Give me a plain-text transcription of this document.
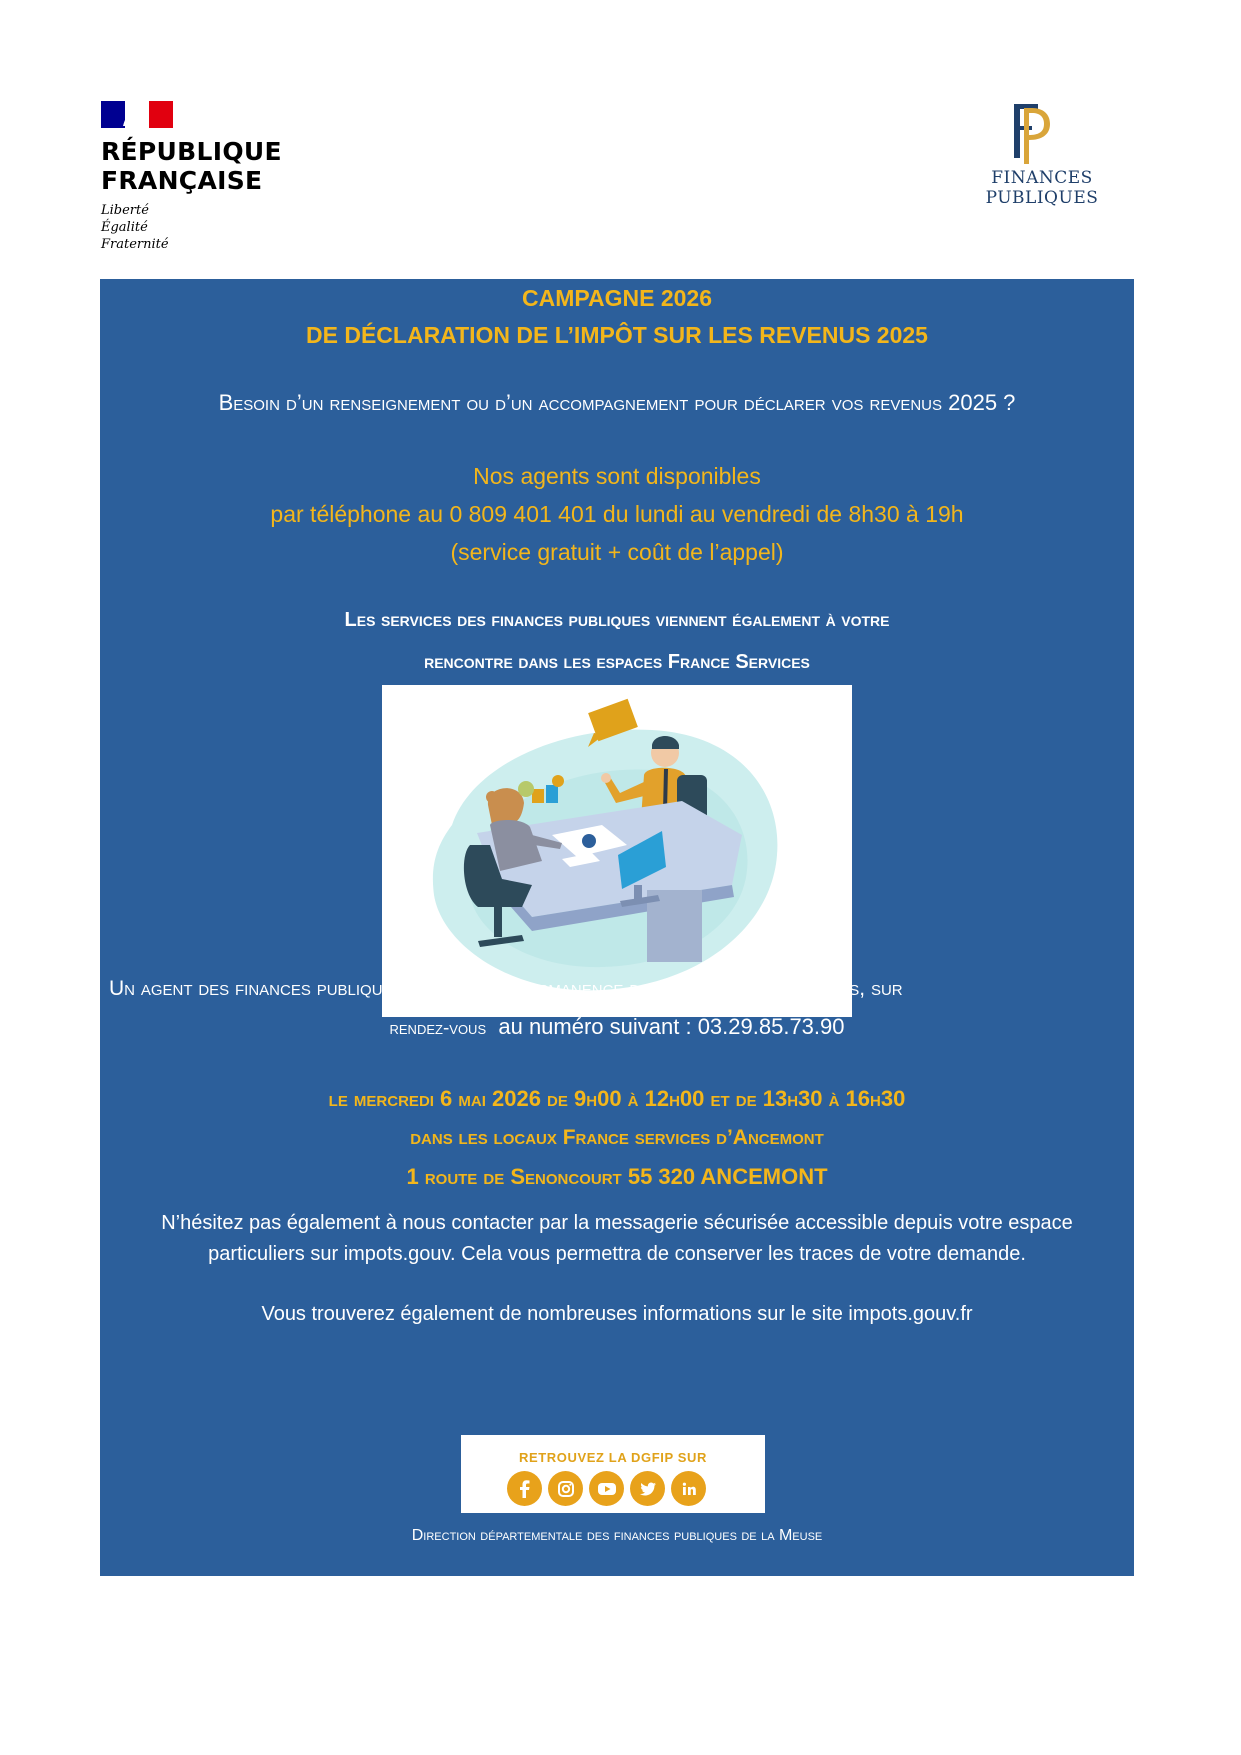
RÉPUBLIQUE
FRANÇAISE
Liberté
Égalité
Fraternité
FINANCES PUBLIQUES

CAMPAGNE 2026

DE DÉCLARATION DE L’IMPÔT SUR LES REVENUS 2025

Besoin d’un renseignement ou d’un accompagnement pour déclarer vos revenus 2025 ?

Nos agents sont disponibles

par téléphone au 0 809 401 401 du lundi au vendredi de 8h30 à 19h

(service gratuit + coût de l’appel)

Les services des finances publiques viennent également à votre

rencontre dans les espaces France Services

Un agent des finances publiques tiendra une permanence de réception des usagers, sur

rendez-vous au numéro suivant : 03.29.85.73.90

le mercredi 6 mai 2026 de 9h00 à 12h00 et de 13h30 à 16h30

dans les locaux France services d’Ancemont

1 route de Senoncourt 55 320 ANCEMONT

N’hésitez pas également à nous contacter par la messagerie sécurisée accessible depuis votre espace

particuliers sur impots.gouv. Cela vous permettra de conserver les traces de votre demande.

Vous trouverez également de nombreuses informations sur le site impots.gouv.fr

RETROUVEZ LA DGFIP SUR

Direction départementale des finances publiques de la Meuse
